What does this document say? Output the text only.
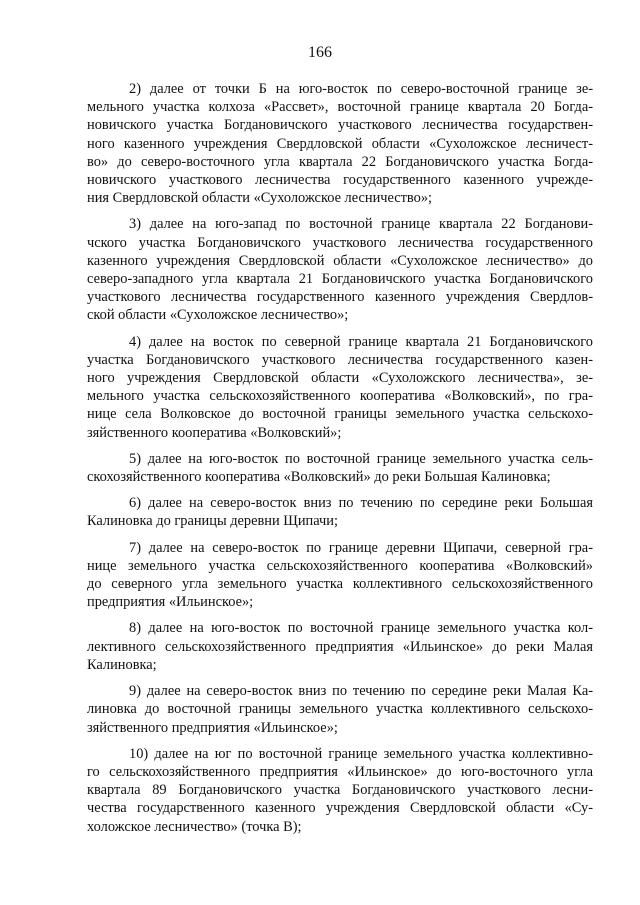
166
2) далее от точки Б на юго-восток по северо-восточной границе зе-
мельного участка колхоза «Рассвет», восточной границе квартала 20 Богда-
новичского участка Богдановичского участкового лесничества государствен-
ного казенного учреждения Свердловской области «Сухоложское лесничест-
во» до северо-восточного угла квартала 22 Богдановичского участка Богда-
новичского участкового лесничества государственного казенного учрежде-
ния Свердловской области «Сухоложское лесничество»;
3) далее на юго-запад по восточной границе квартала 22 Богданови-
чского участка Богдановичского участкового лесничества государственного
казенного учреждения Свердловской области «Сухоложское лесничество» до
северо-западного угла квартала 21 Богдановичского участка Богдановичского
участкового лесничества государственного казенного учреждения Свердлов-
ской области «Сухоложское лесничество»;
4) далее на восток по северной границе квартала 21 Богдановичского
участка Богдановичского участкового лесничества государственного казен-
ного учреждения Свердловской области «Сухоложского лесничества», зе-
мельного участка сельскохозяйственного кооператива «Волковский», по гра-
нице села Волковское до восточной границы земельного участка сельскохо-
зяйственного кооператива «Волковский»;
5) далее на юго-восток по восточной границе земельного участка сель-
скохозяйственного кооператива «Волковский» до реки Большая Калиновка;
6) далее на северо-восток вниз по течению по середине реки Большая
Калиновка до границы деревни Щипачи;
7) далее на северо-восток по границе деревни Щипачи, северной гра-
нице земельного участка сельскохозяйственного кооператива «Волковский»
до северного угла земельного участка коллективного сельскохозяйственного
предприятия «Ильинское»;
8) далее на юго-восток по восточной границе земельного участка кол-
лективного сельскохозяйственного предприятия «Ильинское» до реки Малая
Калиновка;
9) далее на северо-восток вниз по течению по середине реки Малая Ка-
линовка до восточной границы земельного участка коллективного сельскохо-
зяйственного предприятия «Ильинское»;
10) далее на юг по восточной границе земельного участка коллективно-
го сельскохозяйственного предприятия «Ильинское» до юго-восточного угла
квартала 89 Богдановичского участка Богдановичского участкового лесни-
чества государственного казенного учреждения Свердловской области «Су-
холожское лесничество» (точка В);
